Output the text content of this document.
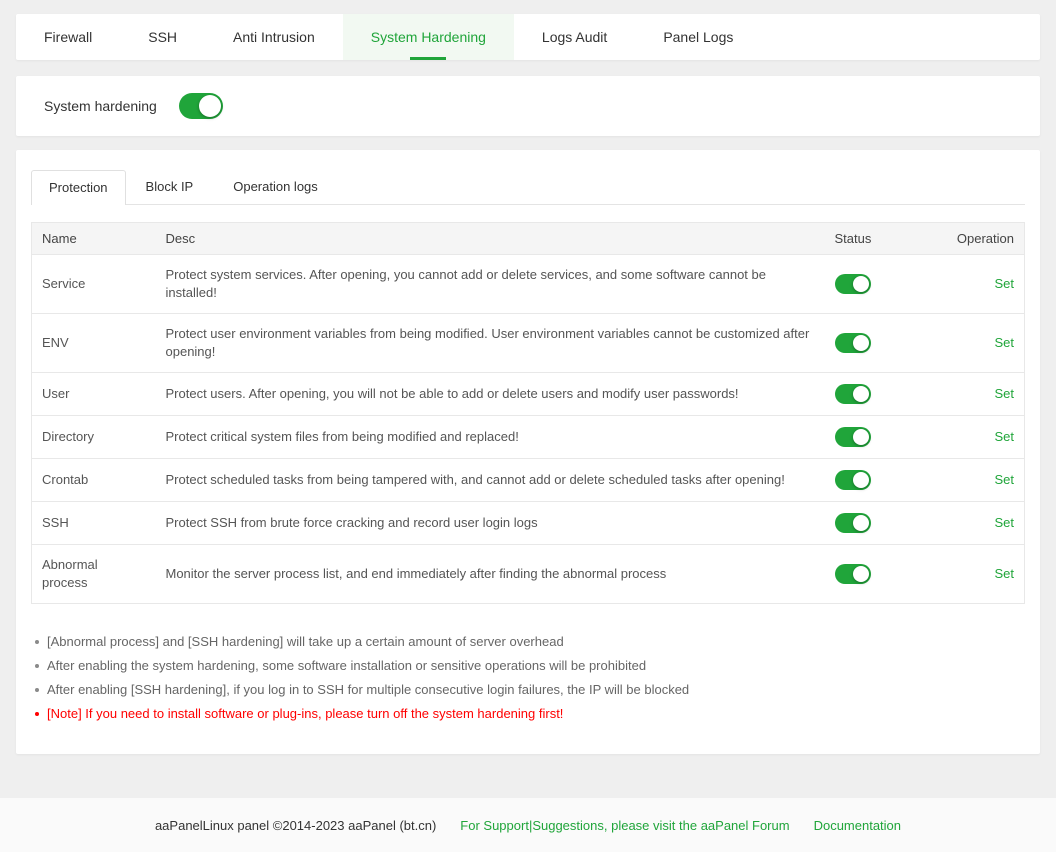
Firewall	SSH	Anti Intrusion	System Hardening	Logs Audit	Panel Logs
System hardening
Protection	Block IP	Operation logs
Name	Desc	Status	Operation
Service	Protect system services. After opening, you cannot add or delete services, and some software cannot be installed!		Set
ENV	Protect user environment variables from being modified. User environment variables cannot be customized after opening!		Set
User	Protect users. After opening, you will not be able to add or delete users and modify user passwords!		Set
Directory	Protect critical system files from being modified and replaced!		Set
Crontab	Protect scheduled tasks from being tampered with, and cannot add or delete scheduled tasks after opening!		Set
SSH	Protect SSH from brute force cracking and record user login logs		Set
Abnormal process	Monitor the server process list, and end immediately after finding the abnormal process		Set
[Abnormal process] and [SSH hardening] will take up a certain amount of server overhead
After enabling the system hardening, some software installation or sensitive operations will be prohibited
After enabling [SSH hardening], if you log in to SSH for multiple consecutive login failures, the IP will be blocked
[Note] If you need to install software or plug-ins, please turn off the system hardening first!
aaPanelLinux panel ©2014-2023 aaPanel (bt.cn) For Support|Suggestions, please visit the aaPanel Forum Documentation
